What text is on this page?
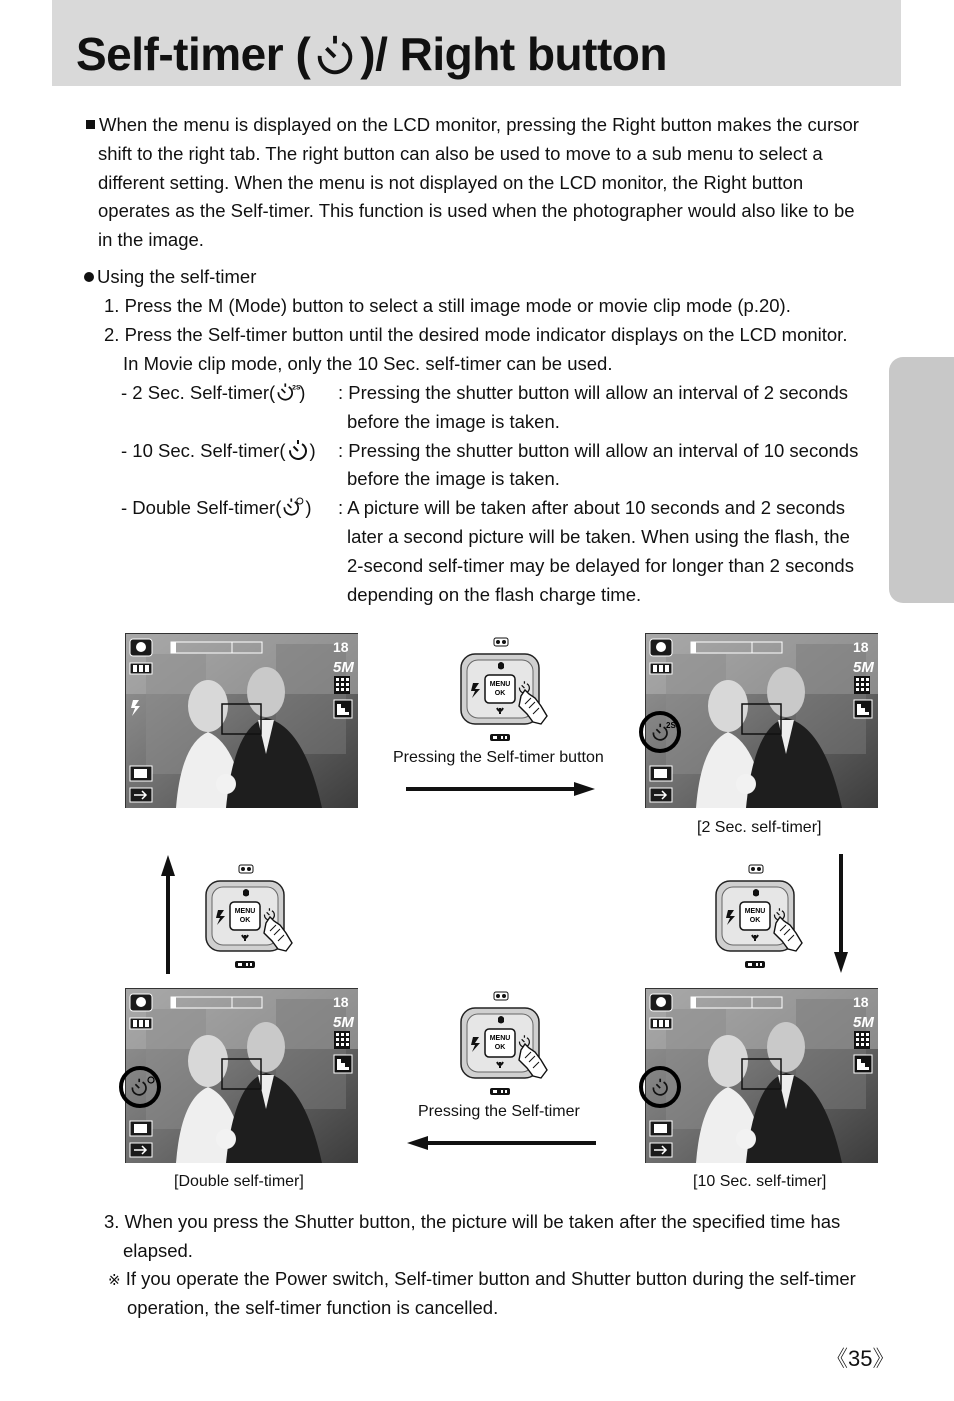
Self-timer ( )/ Right button
When the menu is displayed on the LCD monitor, pressing the Right button makes the cursor
shift to the right tab. The right button can also be used to move to a sub menu to select a
different setting. When the menu is not displayed on the LCD monitor, the Right button
operates as the Self-timer. This function is used when the photographer would also like to be
in the image.
Using the self-timer
1. Press the M (Mode) button to select a still image mode or movie clip mode (p.20).
2. Press the Self-timer button until the desired mode indicator displays on the LCD monitor.
In Movie clip mode, only the 10 Sec. self-timer can be used.
- 2 Sec. Self-timer( 2S
) : Pressing the shutter button will allow an interval of 2 seconds
before the image is taken.
- 10 Sec. Self-timer( ) : Pressing the shutter button will allow an interval of 10 seconds
before the image is taken.
- Double Self-timer( ) : A picture will be taken after about 10 seconds and 2 seconds
later a second picture will be taken. When using the flash, the
2-second self-timer may be delayed for longer than 2 seconds
depending on the flash charge time.
18
5M
18
5M
2S
18
5M
18
5M
MENU
OK
MENU
OK
MENU
OK
MENU
OK
Pressing the Self-timer button
Pressing the Self-timer
[2 Sec. self-timer]
[Double self-timer]	[10 Sec. self-timer]
3. When you press the Shutter button, the picture will be taken after the specified time has
elapsed.
※ If you operate the Power switch, Self-timer button and Shutter button during the self-timer
operation, the self-timer function is cancelled.
《35》
